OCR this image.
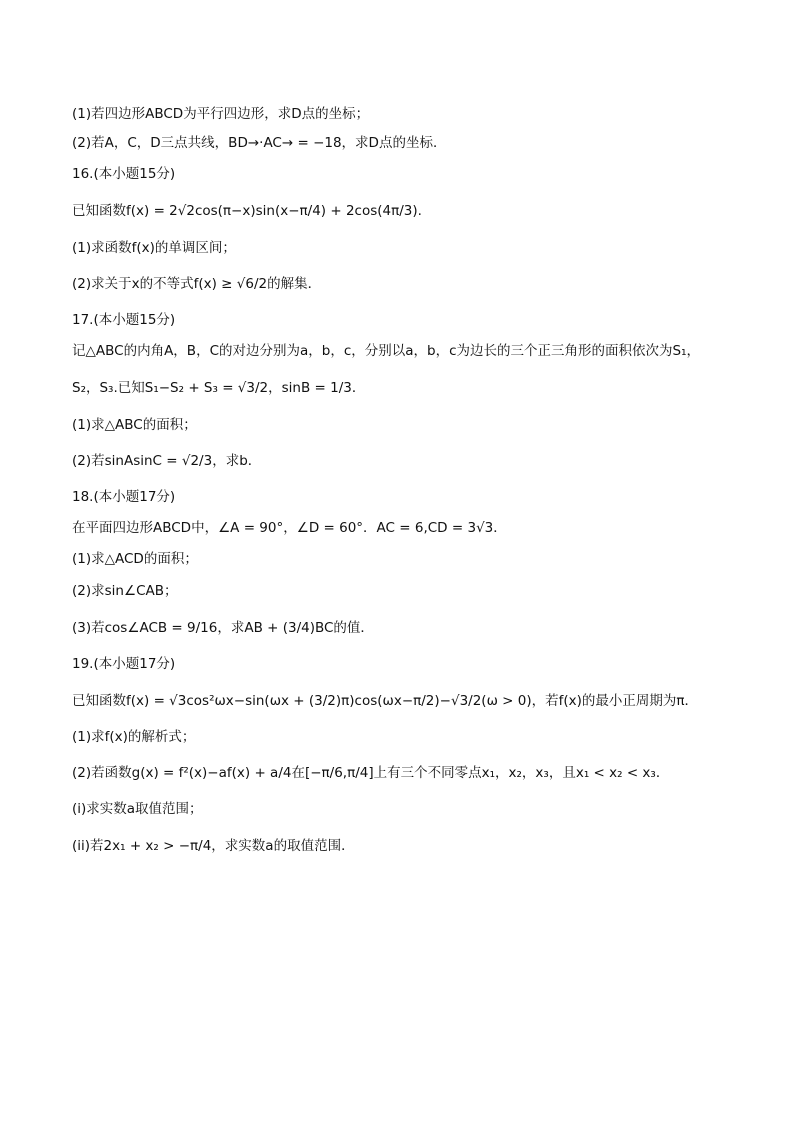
(1)若四边形ABCD为平行四边形，求D点的坐标；
(2)若A，C，D三点共线，BD→·AC→ = −18，求D点的坐标．
16.(本小题15分)
已知函数f(x) = 2√2cos(π−x)sin(x−π/4) + 2cos(4π/3).
(1)求函数f(x)的单调区间；
(2)求关于x的不等式f(x) ≥ √6/2的解集．
17.(本小题15分)
记△ABC的内角A，B，C的对边分别为a，b，c，分别以a，b，c为边长的三个正三角形的面积依次为S₁，
S₂，S₃.已知S₁−S₂ + S₃ = √3/2，sinB = 1/3．
(1)求△ABC的面积；
(2)若sinAsinC = √2/3，求b．
18.(本小题17分)
在平面四边形ABCD中，∠A = 90°，∠D = 60°．AC = 6,CD = 3√3．
(1)求△ACD的面积；
(2)求sin∠CAB；
(3)若cos∠ACB = 9/16，求AB + (3/4)BC的值．
19.(本小题17分)
已知函数f(x) = √3cos²ωx−sin(ωx + (3/2)π)cos(ωx−π/2)−√3/2(ω > 0)，若f(x)的最小正周期为π．
(1)求f(x)的解析式；
(2)若函数g(x) = f²(x)−af(x) + a/4在[−π/6,π/4]上有三个不同零点x₁，x₂，x₃，且x₁ < x₂ < x₃．
(i)求实数a取值范围；
(ii)若2x₁ + x₂ > −π/4，求实数a的取值范围．
